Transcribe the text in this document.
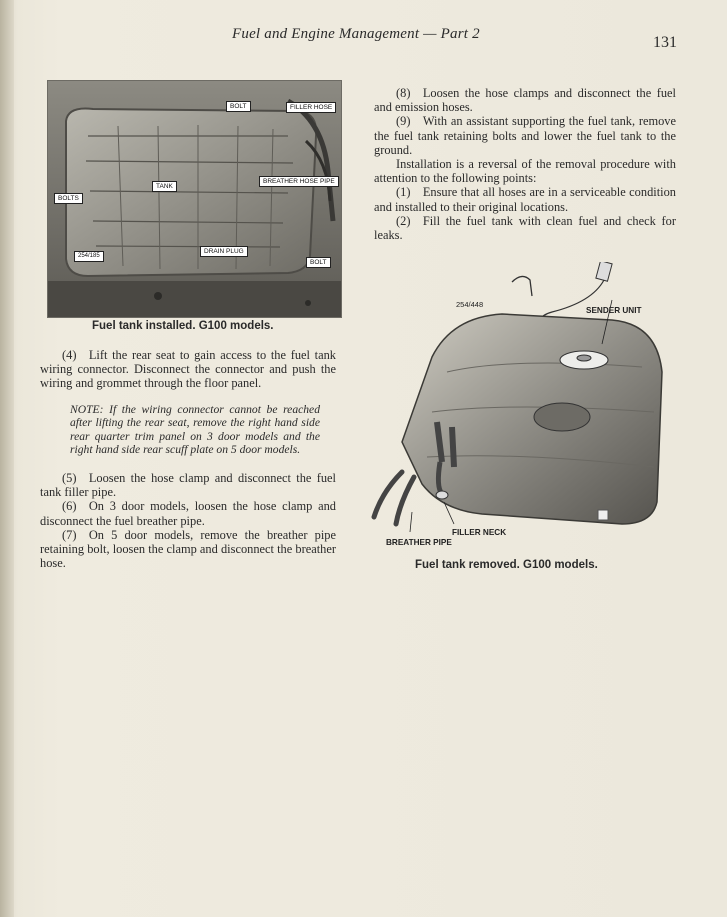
Fuel and Engine Management — Part 2	131
BOLT	FILLER HOSE
BREATHER HOSE PIPE
TANK
BOLTS
DRAIN PLUG
BOLT
254/185
Fuel tank installed. G100 models.

(4) Lift the rear seat to gain access to the fuel tank wiring connector. Disconnect the connector and push the wiring and grommet through the floor panel.

NOTE: If the wiring connector cannot be reached after lifting the rear seat, remove the right hand side rear quarter trim panel on 3 door models and the right hand side rear scuff plate on 5 door models.

(5) Loosen the hose clamp and disconnect the fuel tank filler pipe.

(6) On 3 door models, loosen the hose clamp and disconnect the fuel breather pipe.

(7) On 5 door models, remove the breather pipe retaining bolt, loosen the clamp and disconnect the breather hose.

(8) Loosen the hose clamps and disconnect the fuel and emission hoses.

(9) With an assistant supporting the fuel tank, remove the fuel tank retaining bolts and lower the fuel tank to the ground.

Installation is a reversal of the removal procedure with attention to the following points:

(1) Ensure that all hoses are in a serviceable condition and installed to their original locations.

(2) Fill the fuel tank with clean fuel and check for leaks.

254/448
SENDER UNIT
FILLER NECK
BREATHER PIPE
Fuel tank removed. G100 models.
